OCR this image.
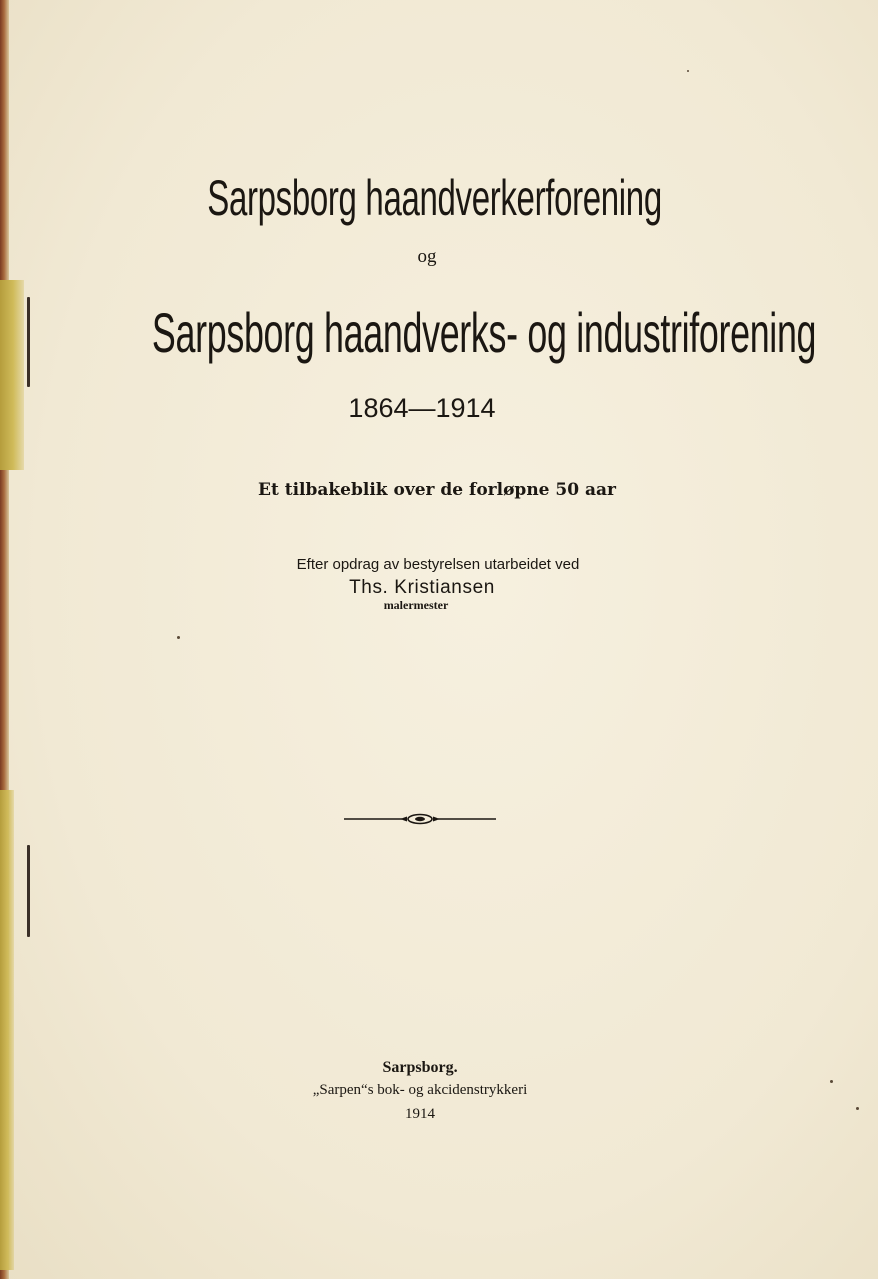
Sarpsborg haandverkerforening
og
Sarpsborg haandverks- og industriforening
1864—1914
Et tilbakeblik over de forløpne 50 aar
Efter opdrag av bestyrelsen utarbeidet ved
Ths. Kristiansen
malermester
Sarpsborg.
„Sarpen“s bok- og akcidenstrykkeri
1914
